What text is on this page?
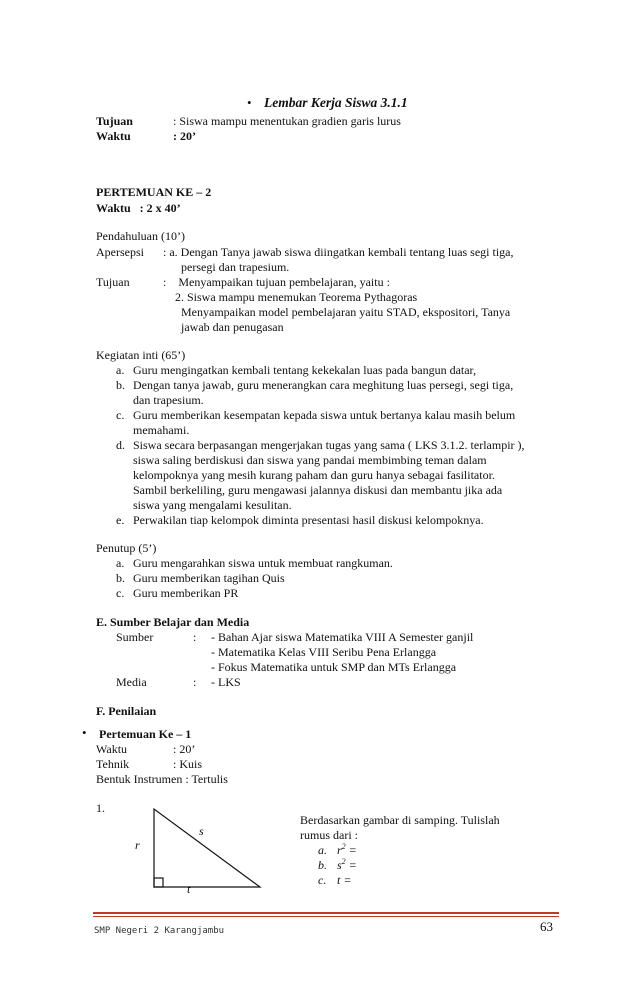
• Lembar Kerja Siswa 3.1.1
Tujuan	: Siswa mampu menentukan gradien garis lurus
Waktu	: 20’
PERTEMUAN KE – 2
Waktu   : 2 x 40’
Pendahuluan (10’)
Apersepsi : a. Dengan Tanya jawab siswa diingatkan kembali tentang luas segi tiga,
persegi dan trapesium.
Tujuan	:    Menyampaikan tujuan pembelajaran, yaitu :
2. Siswa mampu menemukan Teorema Pythagoras
Menyampaikan model pembelajaran yaitu STAD, ekspositori, Tanya
jawab dan penugasan
Kegiatan inti (65’)
a. Guru mengingatkan kembali tentang kekekalan luas pada bangun datar,
b. Dengan tanya jawab, guru menerangkan cara meghitung luas persegi, segi tiga,
dan trapesium.
c. Guru memberikan kesempatan kepada siswa untuk bertanya kalau masih belum
memahami.
d. Siswa secara berpasangan mengerjakan tugas yang sama ( LKS 3.1.2. terlampir ),
siswa saling berdiskusi dan siswa yang pandai membimbing teman dalam
kelompoknya yang mesih kurang paham dan guru hanya sebagai fasilitator.
Sambil berkeliling, guru mengawasi jalannya diskusi dan membantu jika ada
siswa yang mengalami kesulitan.
e. Perwakilan tiap kelompok diminta presentasi hasil diskusi kelompoknya.
Penutup (5’)
a. Guru mengarahkan siswa untuk membuat rangkuman.
b. Guru memberikan tagihan Quis
c. Guru memberikan PR
E. Sumber Belajar dan Media
Sumber	: - Bahan Ajar siswa Matematika VIII A Semester ganjil
- Matematika Kelas VIII Seribu Pena Erlangga
- Fokus Matematika untuk SMP dan MTs Erlangga
Media	: - LKS
F. Penilaian
• Pertemuan Ke – 1
Waktu	: 20’
Tehnik	: Kuis
Bentuk Instrumen : Tertulis
1.
r
s
t
Berdasarkan gambar di samping. Tulislah
rumus dari :
a. $r^2$ =
b. $s^2$ =
c. t =
SMP Negeri 2 Karangjambu	63
